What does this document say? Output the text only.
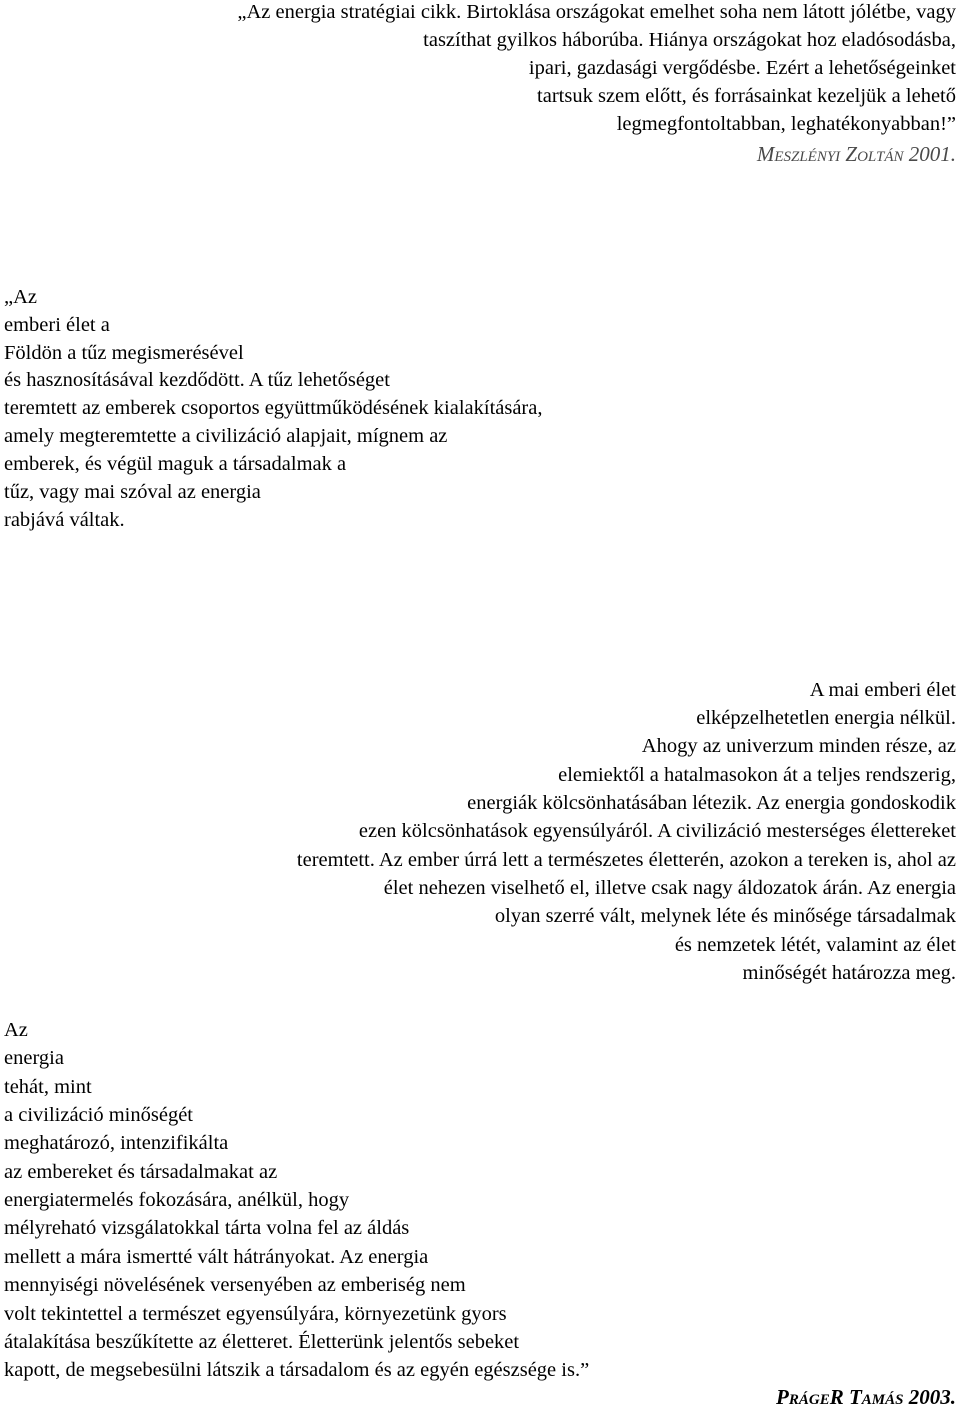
„Az energia stratégiai cikk. Birtoklása országokat emelhet soha nem látott jólétbe, vagy

taszíthat gyilkos háborúba. Hiánya országokat hoz eladósodásba,

ipari, gazdasági vergődésbe. Ezért a lehetőségeinket

tartsuk szem előtt, és forrásainkat kezeljük a lehető

legmegfontoltabban, leghatékonyabban!”

Meszlényi Zoltán 2001.

„Az

emberi élet a

Földön a tűz megismerésével

és hasznosításával kezdődött. A tűz lehetőséget

teremtett az emberek csoportos együttműködésének kialakítására,

amely megteremtette a civilizáció alapjait, mígnem az

emberek, és végül maguk a társadalmak a

tűz, vagy mai szóval az energia

rabjává váltak.

A mai emberi élet

elképzelhetetlen energia nélkül.

Ahogy az univerzum minden része, az

elemiektől a hatalmasokon át a teljes rendszerig,

energiák kölcsönhatásában létezik. Az energia gondoskodik

ezen kölcsönhatások egyensúlyáról. A civilizáció mesterséges élettereket

teremtett. Az ember úrrá lett a természetes életterén, azokon a tereken is, ahol az

élet nehezen viselhető el, illetve csak nagy áldozatok árán. Az energia

olyan szerré vált, melynek léte és minősége társadalmak

és nemzetek létét, valamint az élet

minőségét határozza meg.

Az

energia

tehát, mint

a civilizáció minőségét

meghatározó, intenzifikálta

az embereket és társadalmakat az

energiatermelés fokozására, anélkül, hogy

mélyreható vizsgálatokkal tárta volna fel az áldás

mellett a mára ismertté vált hátrányokat. Az energia

mennyiségi növelésének versenyében az emberiség nem

volt tekintettel a természet egyensúlyára, környezetünk gyors

átalakítása beszűkítette az életteret. Életterünk jelentős sebeket

kapott, de megsebesülni látszik a társadalom és az egyén egészsége is.”

PrágeR Tamás 2003.
